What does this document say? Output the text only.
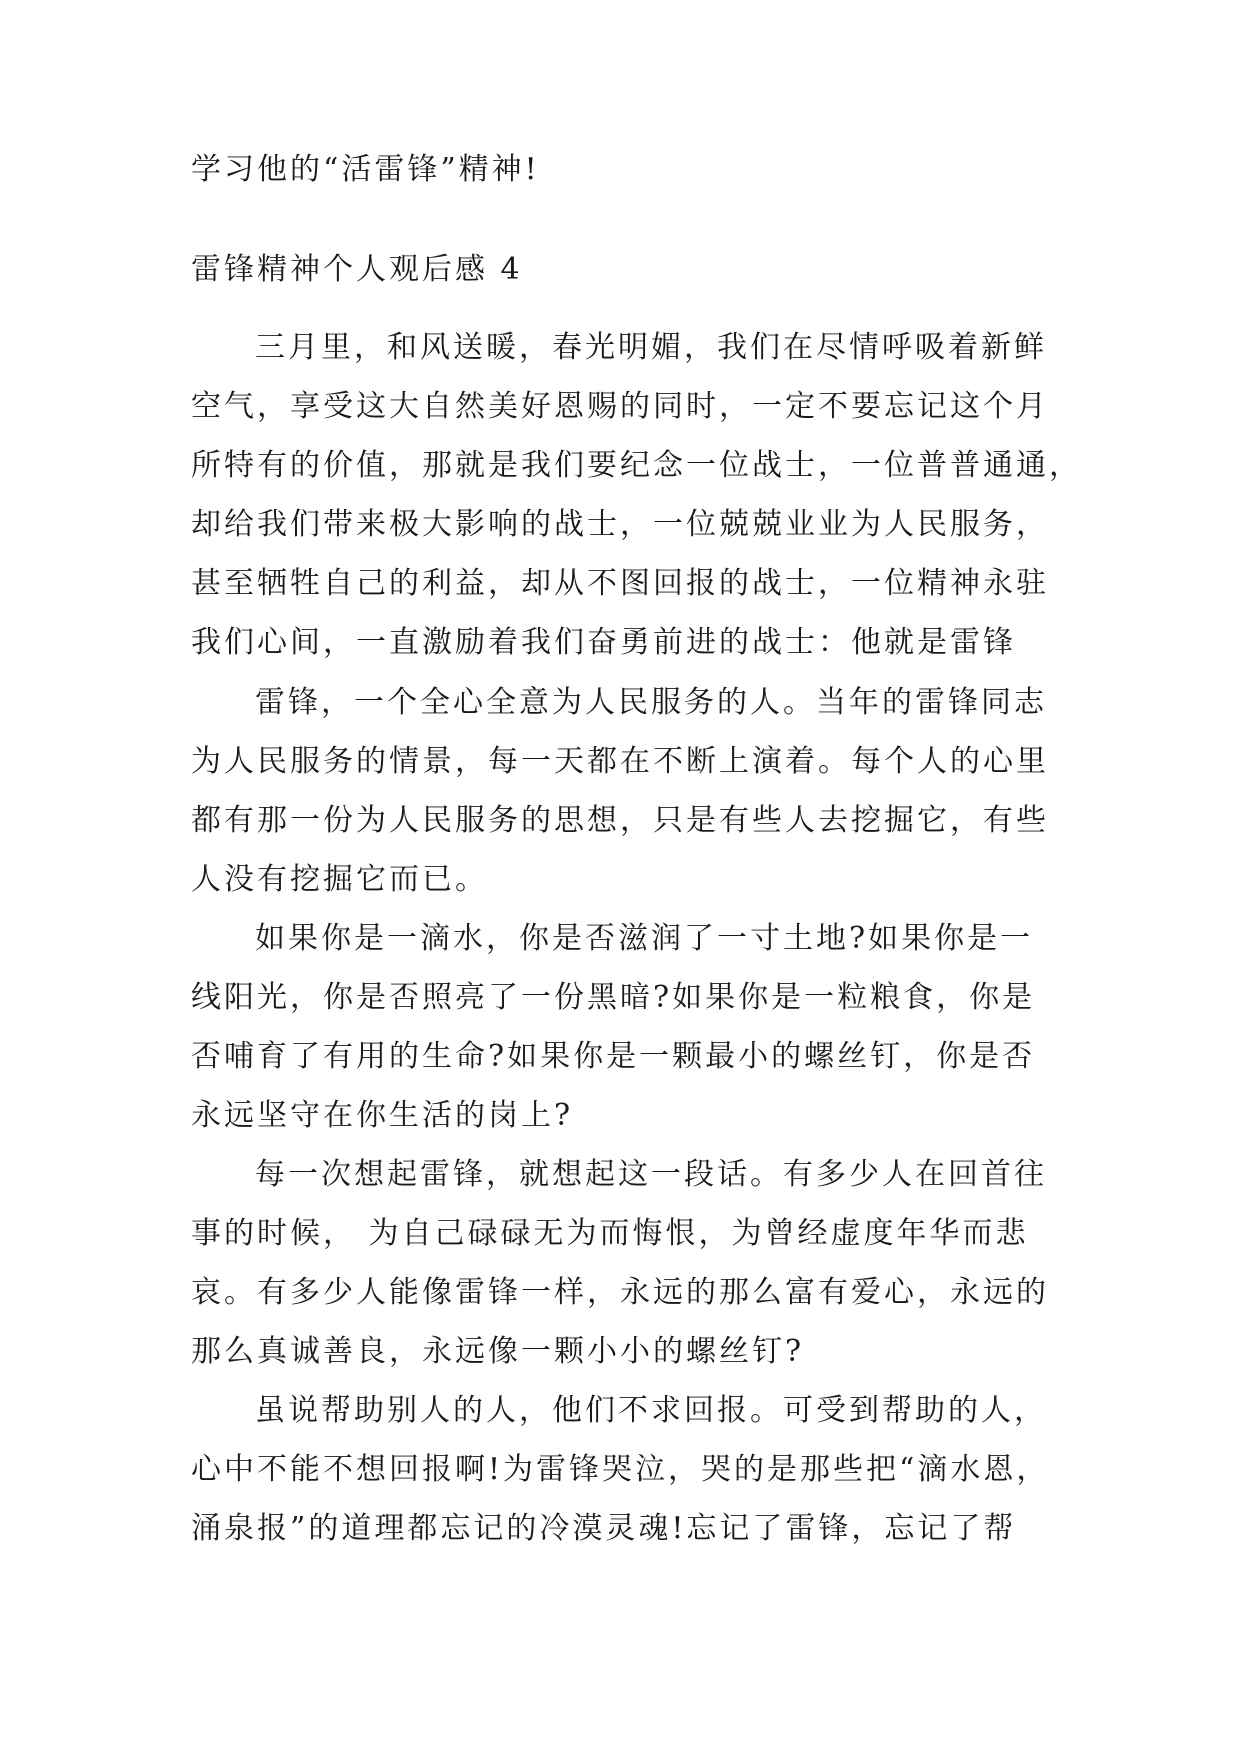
学习他的“活雷锋”精神!
雷锋精神个人观后感 4
三月里，和风送暖，春光明媚，我们在尽情呼吸着新鲜
空气，享受这大自然美好恩赐的同时，一定不要忘记这个月
所特有的价值，那就是我们要纪念一位战士，一位普普通通，
却给我们带来极大影响的战士，一位兢兢业业为人民服务，
甚至牺牲自己的利益，却从不图回报的战士，一位精神永驻
我们心间，一直激励着我们奋勇前进的战士：他就是雷锋
雷锋，一个全心全意为人民服务的人。当年的雷锋同志
为人民服务的情景，每一天都在不断上演着。每个人的心里
都有那一份为人民服务的思想，只是有些人去挖掘它，有些
人没有挖掘它而已。
如果你是一滴水，你是否滋润了一寸土地?如果你是一
线阳光，你是否照亮了一份黑暗?如果你是一粒粮食，你是
否哺育了有用的生命?如果你是一颗最小的螺丝钉，你是否
永远坚守在你生活的岗上?
每一次想起雷锋，就想起这一段话。有多少人在回首往
事的时候， 为自己碌碌无为而悔恨，为曾经虚度年华而悲
哀。有多少人能像雷锋一样，永远的那么富有爱心，永远的
那么真诚善良，永远像一颗小小的螺丝钉?
虽说帮助别人的人，他们不求回报。可受到帮助的人，
心中不能不想回报啊!为雷锋哭泣，哭的是那些把“滴水恩，
涌泉报”的道理都忘记的冷漠灵魂!忘记了雷锋，忘记了帮
